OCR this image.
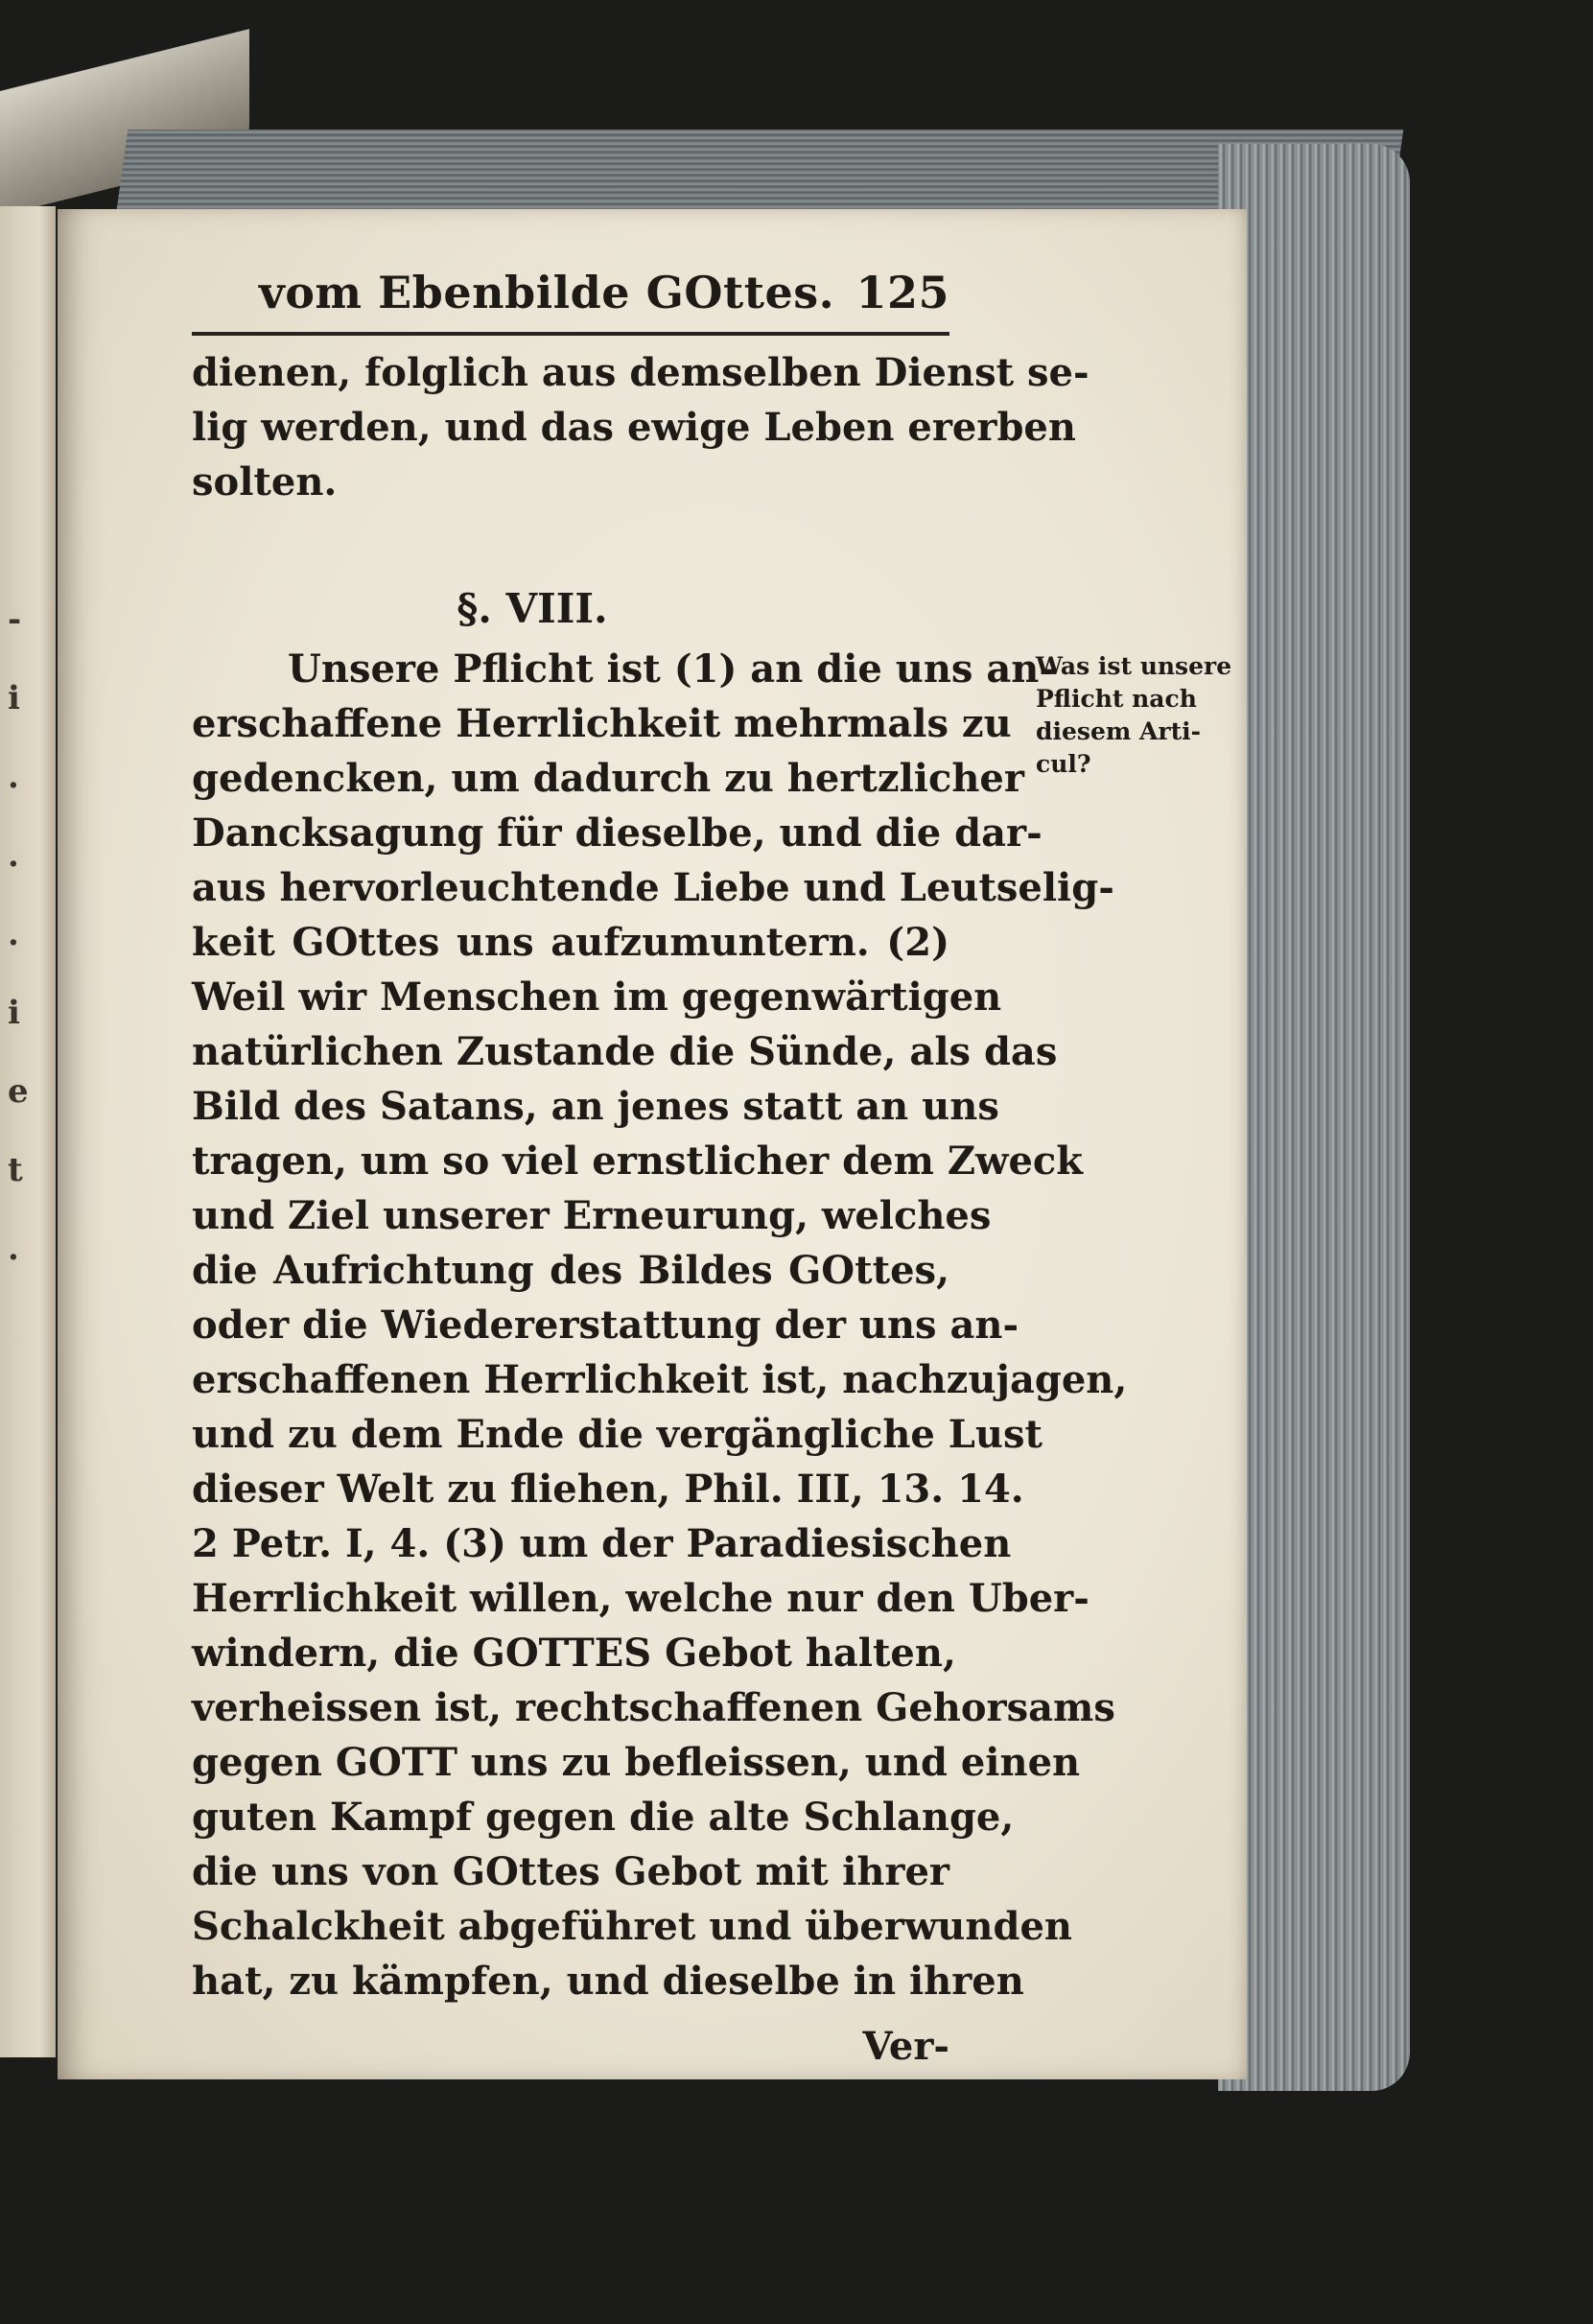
-
i
.
.
.
i
e
t
.
vom Ebenbilde GOttes. 125
dienen, folglich aus demselben Dienst se-
lig werden, und das ewige Leben ererben
solten.
§. VIII.
Unsere Pflicht ist (1) an die uns an-
erschaffene Herrlichkeit mehrmals zu
gedencken, um dadurch zu hertzlicher
Dancksagung für dieselbe, und die dar-
aus hervorleuchtende Liebe und Leutselig-
keit GOttes uns aufzumuntern. (2)
Weil wir Menschen im gegenwärtigen
natürlichen Zustande die Sünde, als das
Bild des Satans, an jenes statt an uns
tragen, um so viel ernstlicher dem Zweck
und Ziel unserer Erneurung, welches
die Aufrichtung des Bildes GOttes,
oder die Wiedererstattung der uns an-
erschaffenen Herrlichkeit ist, nachzujagen,
und zu dem Ende die vergängliche Lust
dieser Welt zu fliehen, Phil. III, 13. 14.
2 Petr. I, 4. (3) um der Paradiesischen
Herrlichkeit willen, welche nur den Uber-
windern, die GOTTES Gebot halten,
verheissen ist, rechtschaffenen Gehorsams
gegen GOTT uns zu befleissen, und einen
guten Kampf gegen die alte Schlange,
die uns von GOttes Gebot mit ihrer
Schalckheit abgeführet und überwunden
hat, zu kämpfen, und dieselbe in ihren
Ver-
Was ist unsere
Pflicht nach
diesem Arti-
cul?
